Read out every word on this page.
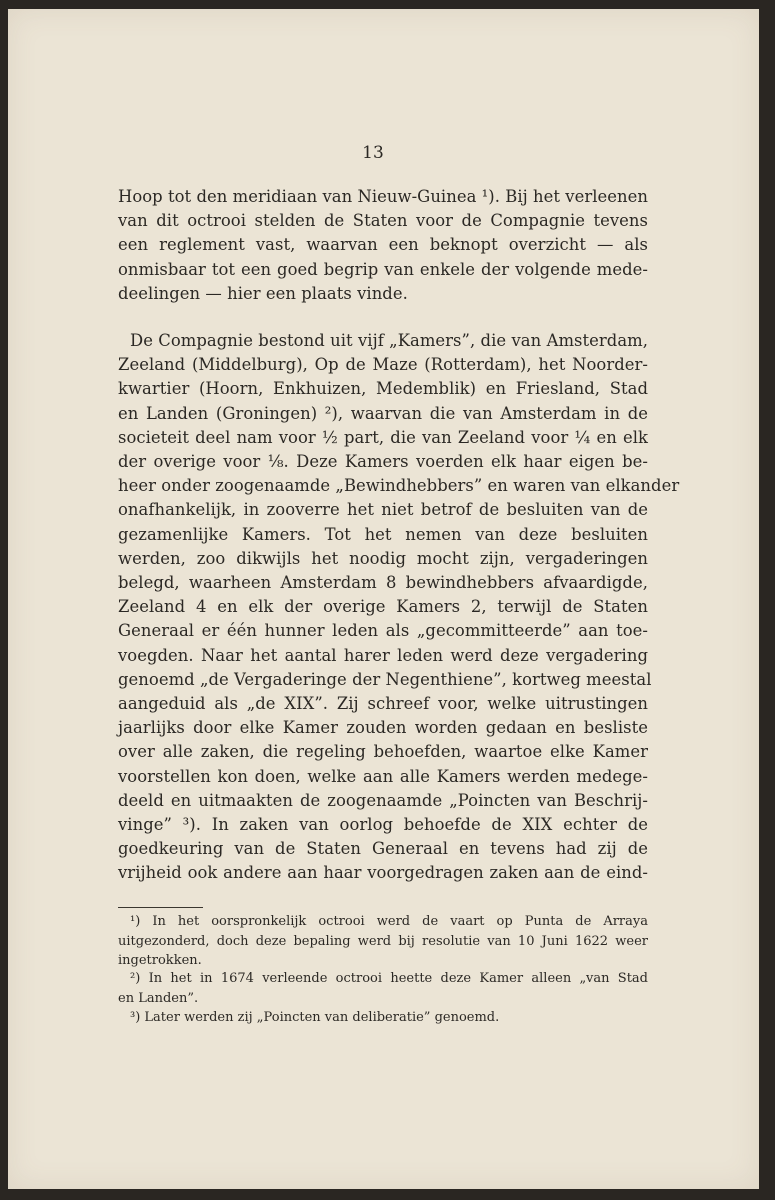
13
Hoop tot den meridiaan van Nieuw-Guinea ¹). Bij het verleenen
van dit octrooi stelden de Staten voor de Compagnie tevens
een reglement vast, waarvan een beknopt overzicht — als
onmisbaar tot een goed begrip van enkele der volgende mede-
deelingen — hier een plaats vinde.
De Compagnie bestond uit vijf „Kamers”, die van Amsterdam,
Zeeland (Middelburg), Op de Maze (Rotterdam), het Noorder-
kwartier (Hoorn, Enkhuizen, Medemblik) en Friesland, Stad
en Landen (Groningen) ²), waarvan die van Amsterdam in de
societeit deel nam voor ½ part, die van Zeeland voor ¼ en elk
der overige voor ⅛. Deze Kamers voerden elk haar eigen be-
heer onder zoogenaamde „Bewindhebbers” en waren van elkander
onafhankelijk, in zooverre het niet betrof de besluiten van de
gezamenlijke Kamers. Tot het nemen van deze besluiten
werden, zoo dikwijls het noodig mocht zijn, vergaderingen
belegd, waarheen Amsterdam 8 bewindhebbers afvaardigde,
Zeeland 4 en elk der overige Kamers 2, terwijl de Staten
Generaal er één hunner leden als „gecommitteerde” aan toe-
voegden. Naar het aantal harer leden werd deze vergadering
genoemd „de Vergaderinge der Negenthiene”, kortweg meestal
aangeduid als „de XIX”. Zij schreef voor, welke uitrustingen
jaarlijks door elke Kamer zouden worden gedaan en besliste
over alle zaken, die regeling behoefden, waartoe elke Kamer
voorstellen kon doen, welke aan alle Kamers werden medege-
deeld en uitmaakten de zoogenaamde „Poincten van Beschrij-
vinge” ³). In zaken van oorlog behoefde de XIX echter de
goedkeuring van de Staten Generaal en tevens had zij de
vrijheid ook andere aan haar voorgedragen zaken aan de eind-
¹) In het oorspronkelijk octrooi werd de vaart op Punta de Arraya
uitgezonderd, doch deze bepaling werd bij resolutie van 10 Juni 1622 weer
ingetrokken.
²) In het in 1674 verleende octrooi heette deze Kamer alleen „van Stad
en Landen”.
³) Later werden zij „Poincten van deliberatie” genoemd.
